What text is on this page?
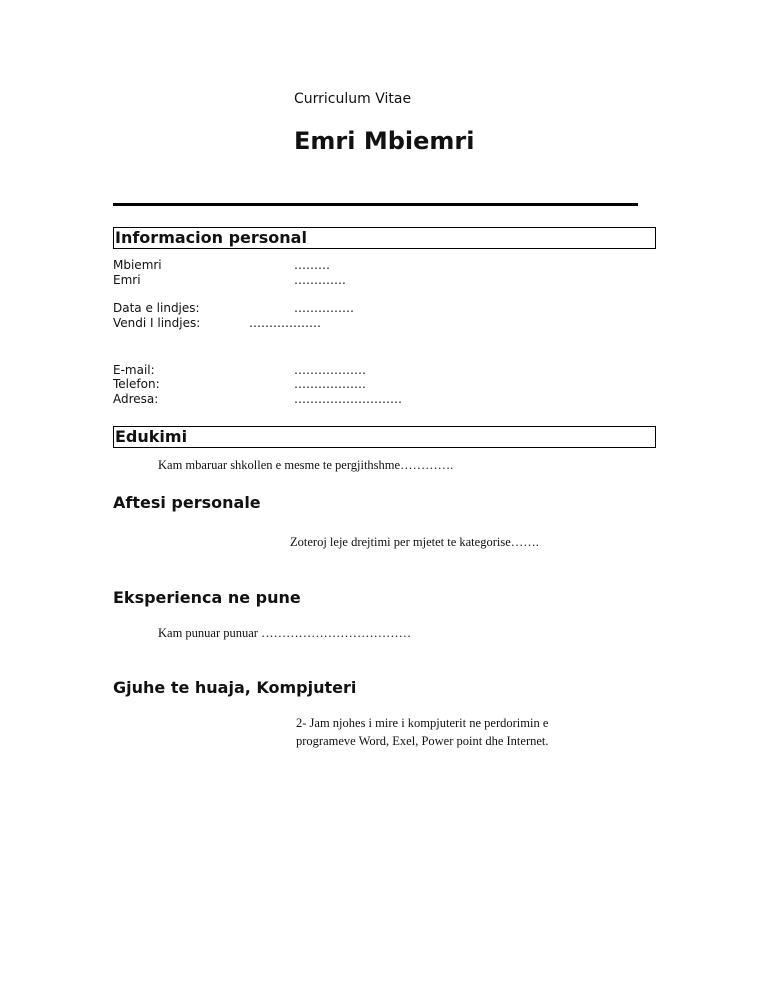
Curriculum Vitae
Emri Mbiemri
Informacion personal
Mbiemri	………
Emri	………….
Data e lindjes:	……………
Vendi I lindjes:	………………
E-mail:	………………
Telefon:	………………
Adresa:	………………………
Edukimi
Kam mbaruar shkollen e mesme te pergjithshme………….
Aftesi personale
Zoteroj leje drejtimi per mjetet te kategorise…….
Eksperienca ne pune
Kam punuar punuar ………………………………
Gjuhe te huaja, Kompjuteri
2- Jam njohes i mire i kompjuterit ne perdorimin e
programeve Word, Exel, Power point dhe Internet.
